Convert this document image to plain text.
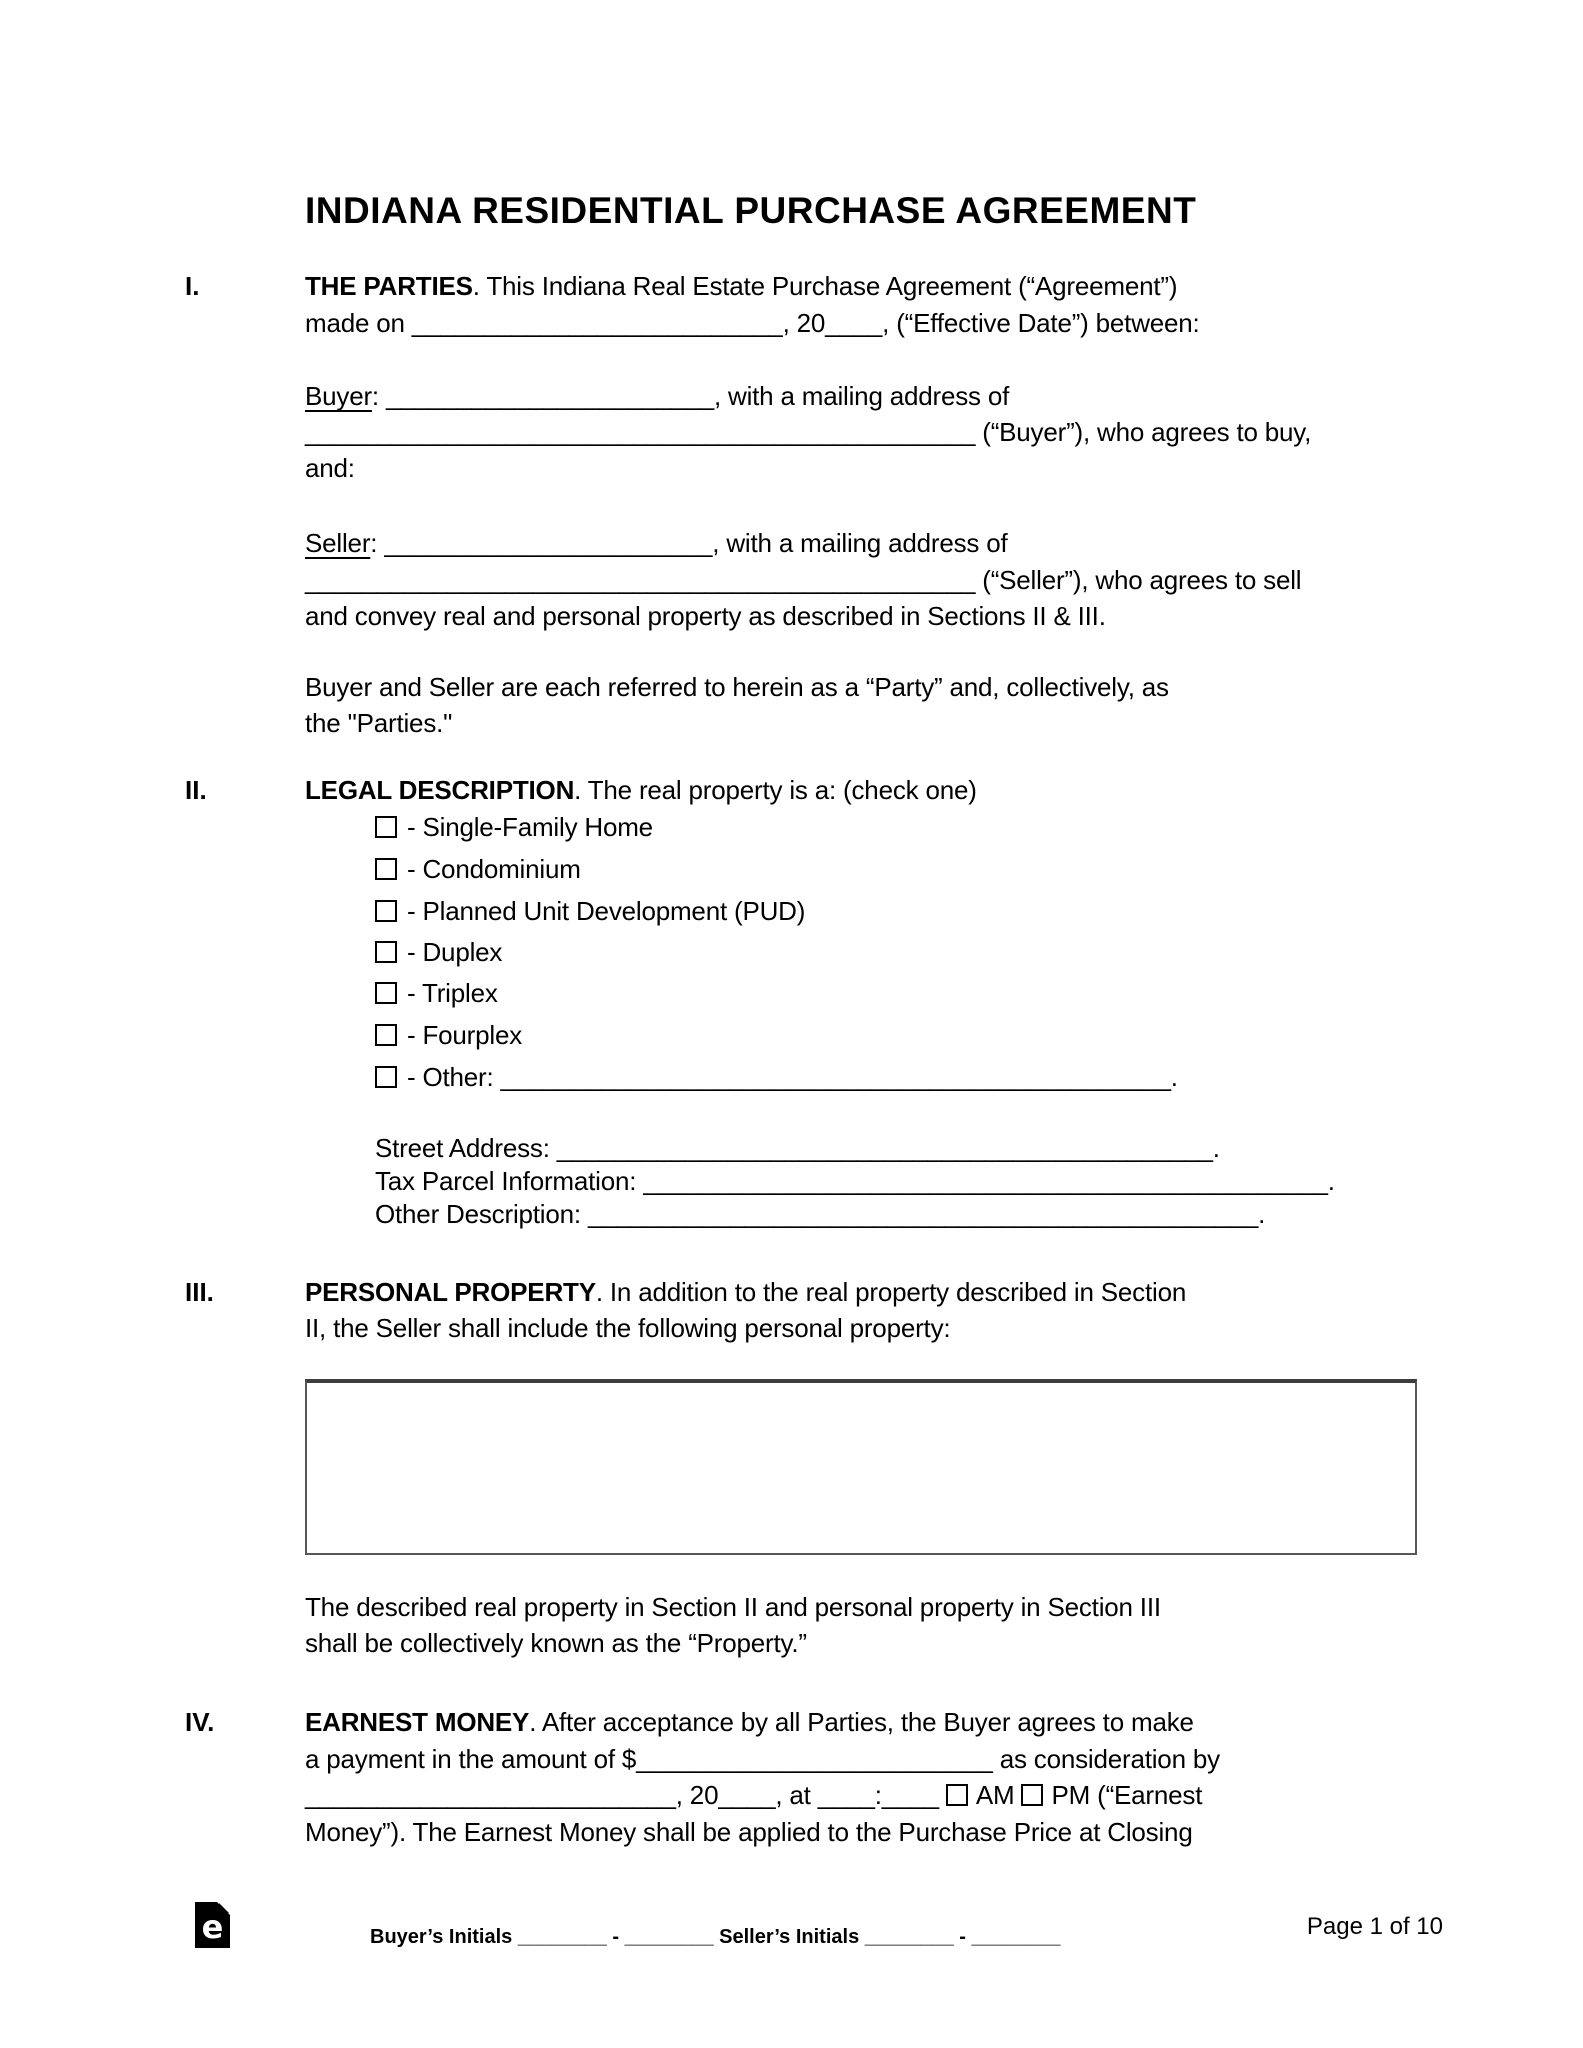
INDIANA RESIDENTIAL PURCHASE AGREEMENT
I.	THE PARTIES. This Indiana Real Estate Purchase Agreement (“Agreement”)
made on __________________________, 20____, (“Effective Date”) between:
Buyer: _______________________, with a mailing address of
_______________________________________________ (“Buyer”), who agrees to buy,
and:
Seller: _______________________, with a mailing address of
_______________________________________________ (“Seller”), who agrees to sell
and convey real and personal property as described in Sections II & III.
Buyer and Seller are each referred to herein as a “Party” and, collectively, as
the "Parties."
II.	LEGAL DESCRIPTION. The real property is a: (check one)
- Single-Family Home
- Condominium
- Planned Unit Development (PUD)
- Duplex
- Triplex
- Fourplex
- Other: _______________________________________________.
Street Address: ______________________________________________.
Tax Parcel Information: ________________________________________________.
Other Description: _______________________________________________.
III.	PERSONAL PROPERTY. In addition to the real property described in Section
II, the Seller shall include the following personal property:
The described real property in Section II and personal property in Section III
shall be collectively known as the “Property.”
IV.	EARNEST MONEY. After acceptance by all Parties, the Buyer agrees to make
a payment in the amount of $_________________________ as consideration by
__________________________, 20____, at ____:____ AM PM (“Earnest
Money”). The Earnest Money shall be applied to the Purchase Price at Closing
e	Buyer’s Initials ________ - ________ Seller’s Initials ________ - ________	Page 1 of 10
